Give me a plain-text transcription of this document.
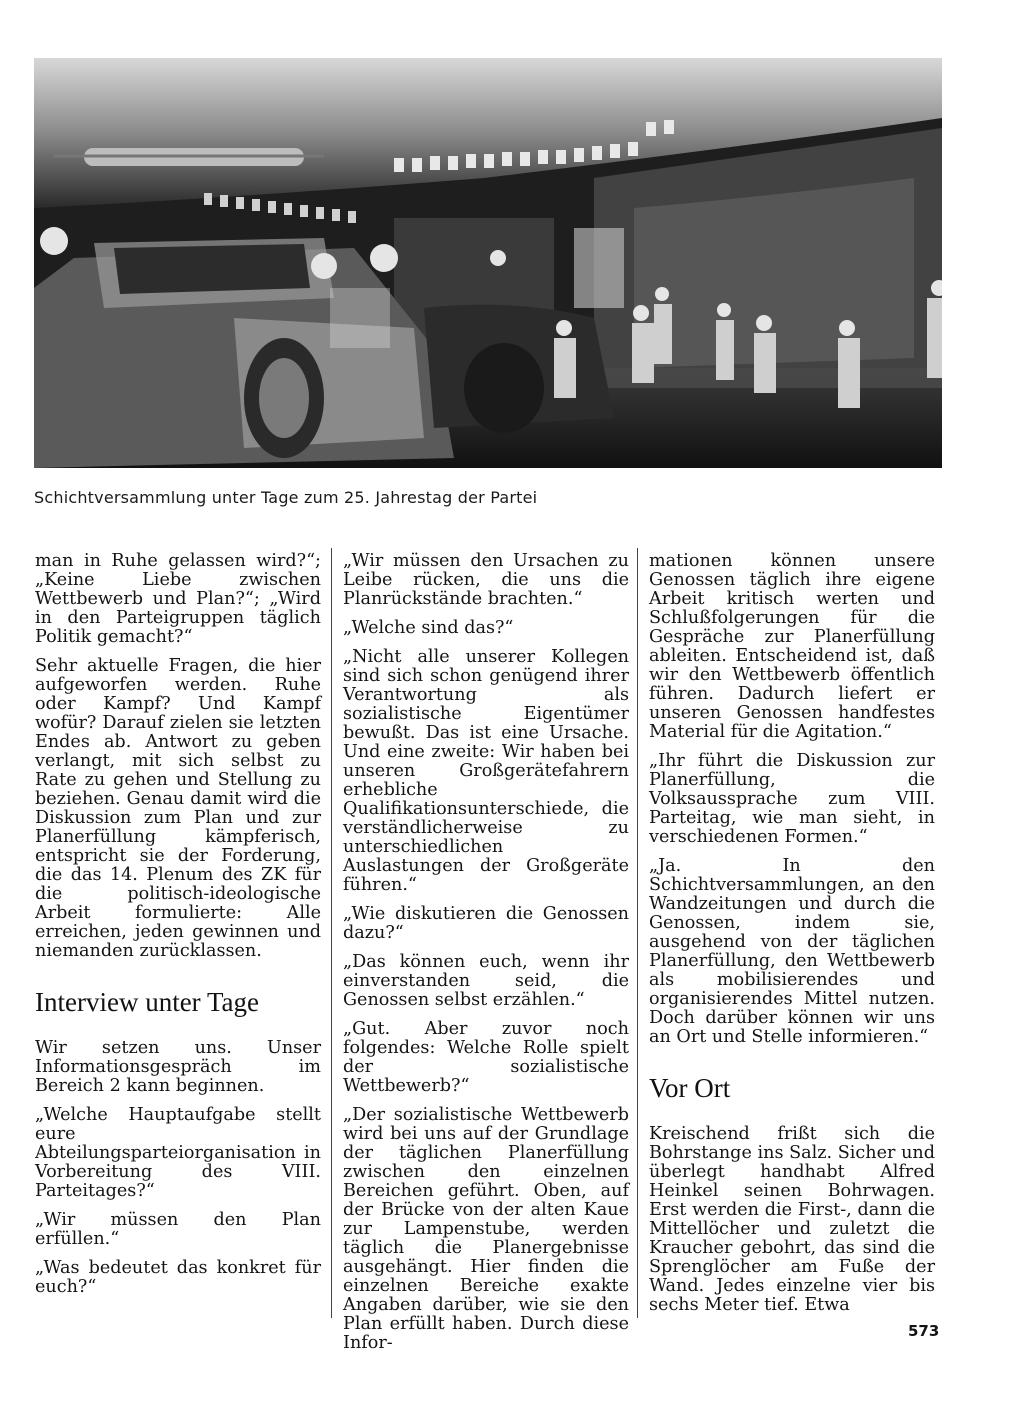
Schichtversammlung unter Tage zum 25. Jahrestag der Partei

man in Ruhe gelassen wird?“; „Keine Liebe zwischen Wettbewerb und Plan?“; „Wird in den Parteigruppen täglich Politik gemacht?“

Sehr aktuelle Fragen, die hier aufgeworfen werden. Ruhe oder Kampf? Und Kampf wofür? Darauf zielen sie letzten Endes ab. Antwort zu geben verlangt, mit sich selbst zu Rate zu gehen und Stellung zu beziehen. Genau damit wird die Diskussion zum Plan und zur Planerfüllung kämpferisch, entspricht sie der Forderung, die das 14. Plenum des ZK für die politisch-ideologische Arbeit formulierte: Alle erreichen, jeden gewinnen und niemanden zurücklassen.

Interview unter Tage

Wir setzen uns. Unser Informationsgespräch im Bereich 2 kann beginnen.

„Welche Hauptaufgabe stellt eure Abteilungsparteiorganisation in Vorbereitung des VIII. Parteitages?“

„Wir müssen den Plan erfüllen.“

„Was bedeutet das konkret für euch?“

„Wir müssen den Ursachen zu Leibe rücken, die uns die Planrückstände brachten.“

„Welche sind das?“

„Nicht alle unserer Kollegen sind sich schon genügend ihrer Verantwortung als sozialistische Eigentümer bewußt. Das ist eine Ursache. Und eine zweite: Wir haben bei unseren Großgerätefahrern erhebliche Qualifikationsunterschiede, die verständlicherweise zu unterschiedlichen Auslastungen der Großgeräte führen.“

„Wie diskutieren die Genossen dazu?“

„Das können euch, wenn ihr einverstanden seid, die Genossen selbst erzählen.“

„Gut. Aber zuvor noch folgendes: Welche Rolle spielt der sozialistische Wettbewerb?“

„Der sozialistische Wettbewerb wird bei uns auf der Grundlage der täglichen Planerfüllung zwischen den einzelnen Bereichen geführt. Oben, auf der Brücke von der alten Kaue zur Lampenstube, werden täglich die Planergebnisse ausgehängt. Hier finden die einzelnen Bereiche exakte Angaben darüber, wie sie den Plan erfüllt haben. Durch diese Infor-

mationen können unsere Genossen täglich ihre eigene Arbeit kritisch werten und Schlußfolgerungen für die Gespräche zur Planerfüllung ableiten. Entscheidend ist, daß wir den Wettbewerb öffentlich führen. Dadurch liefert er unseren Genossen handfestes Material für die Agitation.“

„Ihr führt die Diskussion zur Planerfüllung, die Volksaussprache zum VIII. Parteitag, wie man sieht, in verschiedenen Formen.“

„Ja. In den Schichtversammlungen, an den Wandzeitungen und durch die Genossen, indem sie, ausgehend von der täglichen Planerfüllung, den Wettbewerb als mobilisierendes und organisierendes Mittel nutzen. Doch darüber können wir uns an Ort und Stelle informieren.“

Vor Ort

Kreischend frißt sich die Bohrstange ins Salz. Sicher und überlegt handhabt Alfred Heinkel seinen Bohrwagen. Erst werden die First-, dann die Mittellöcher und zuletzt die Kraucher gebohrt, das sind die Sprenglöcher am Fuße der Wand. Jedes einzelne vier bis sechs Meter tief. Etwa

573
